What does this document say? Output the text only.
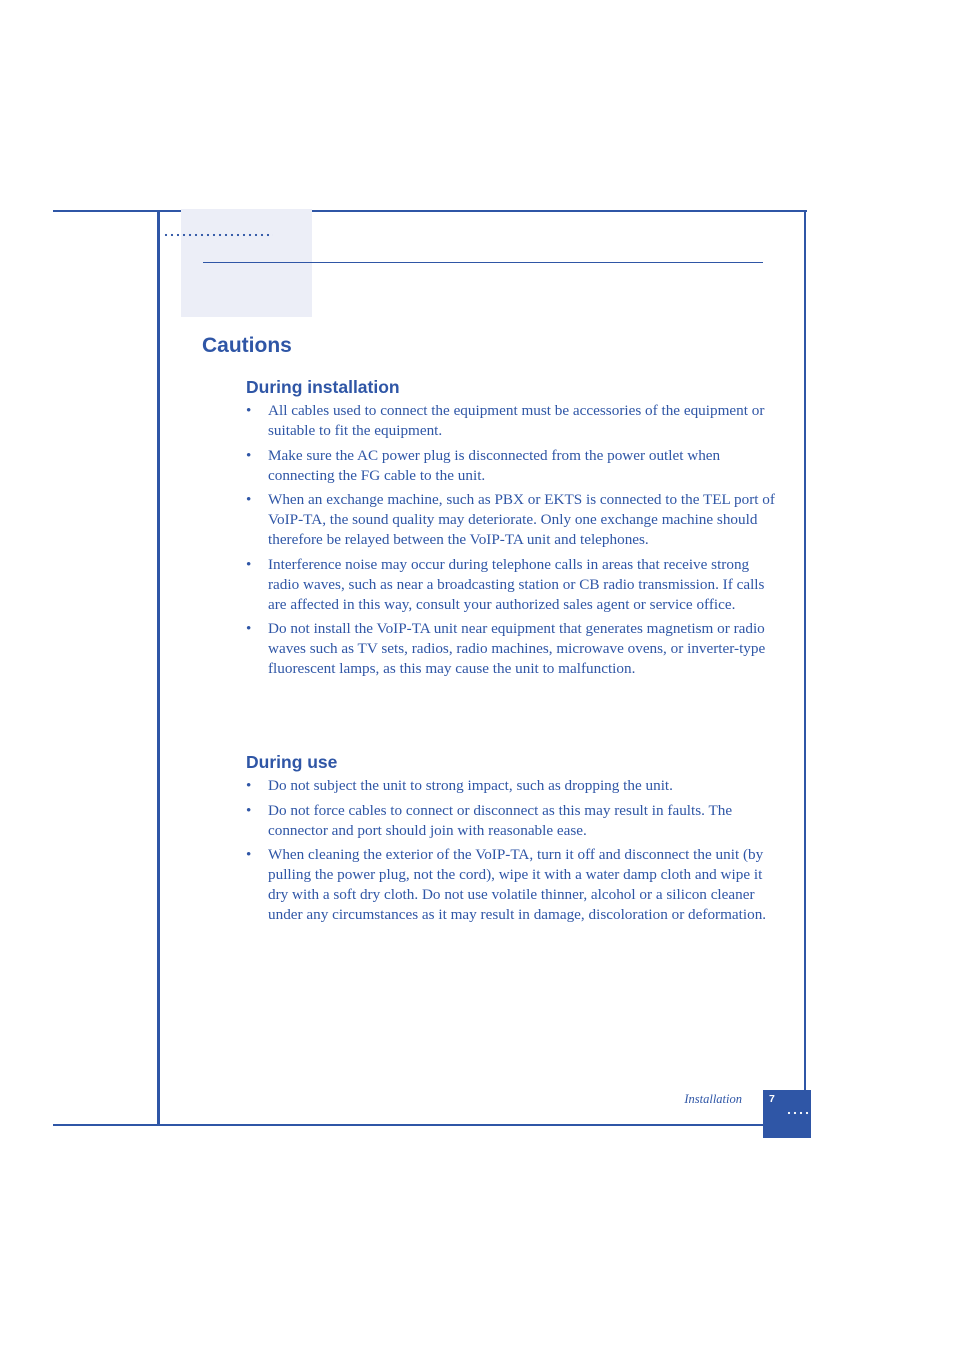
Cautions
During installation
• All cables used to connect the equipment must be accessories of the equipment or suitable to fit the equipment.
• Make sure the AC power plug is disconnected from the power outlet when connecting the FG cable to the unit.
• When an exchange machine, such as PBX or EKTS is connected to the TEL port of VoIP-TA, the sound quality may deteriorate. Only one exchange machine should therefore be relayed between the VoIP-TA unit and telephones.
• Interference noise may occur during telephone calls in areas that receive strong radio waves, such as near a broadcasting station or CB radio transmission. If calls are affected in this way, consult your authorized sales agent or service office.
• Do not install the VoIP-TA unit near equipment that generates magnetism or radio waves such as TV sets, radios, radio machines, microwave ovens, or inverter-type fluorescent lamps, as this may cause the unit to malfunction.
During use
• Do not subject the unit to strong impact, such as dropping the unit.
• Do not force cables to connect or disconnect as this may result in faults. The connector and port should join with reasonable ease.
• When cleaning the exterior of the VoIP-TA, turn it off and disconnect the unit (by pulling the power plug, not the cord), wipe it with a water damp cloth and wipe it dry with a soft dry cloth. Do not use volatile thinner, alcohol or a silicon cleaner under any circumstances as it may result in damage, discoloration or deformation.
Installation	7
